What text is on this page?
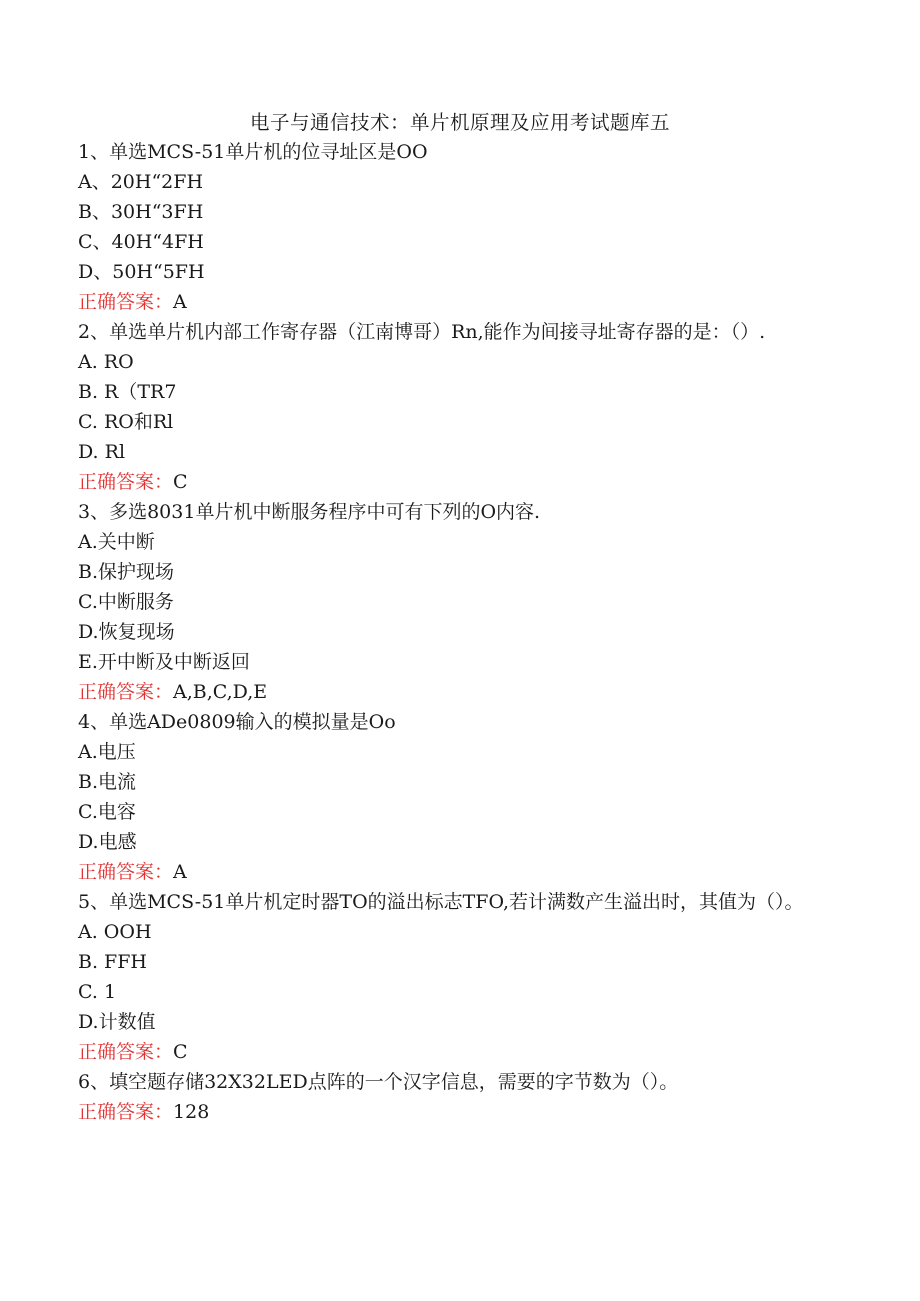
电子与通信技术：单片机原理及应用考试题库五

1、单选MCS-51单片机的位寻址区是OO

A、20H“2FH

B、30H“3FH

C、40H“4FH

D、50H“5FH

正确答案：A

2、单选单片机内部工作寄存器（江南博哥）Rn,能作为间接寻址寄存器的是：（）.

A. RO

B. R（TR7

C. RO和Rl

D. Rl

正确答案：C

3、多选8031单片机中断服务程序中可有下列的O内容.

A.关中断

B.保护现场

C.中断服务

D.恢复现场

E.开中断及中断返回

正确答案：A,B,C,D,E

4、单选ADe0809输入的模拟量是Oo

A.电压

B.电流

C.电容

D.电感

正确答案：A

5、单选MCS-51单片机定时器TO的溢出标志TFO,若计满数产生溢出时，其值为（）。

A. OOH

B. FFH

C. 1

D.计数值

正确答案：C

6、填空题存储32X32LED点阵的一个汉字信息，需要的字节数为（）。

正确答案：128
